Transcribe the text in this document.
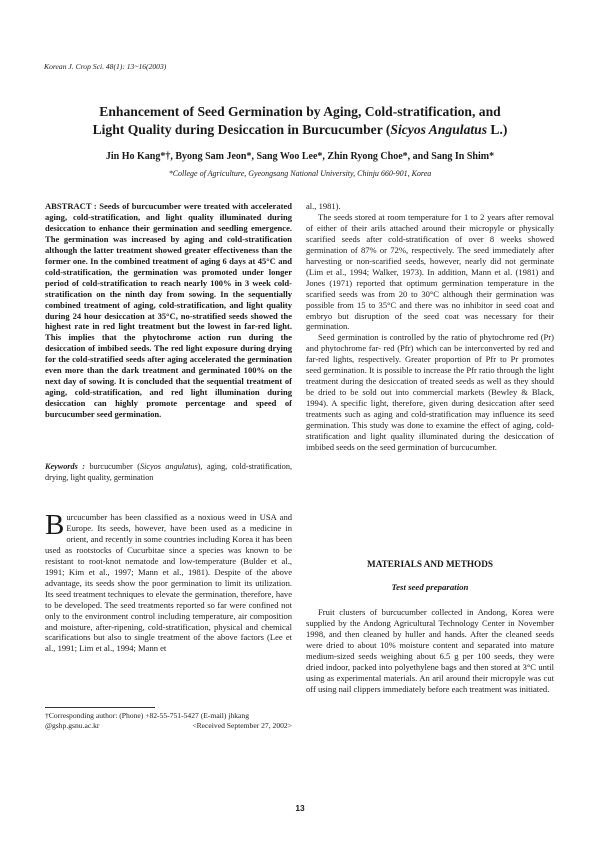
Korean J. Crop Sci. 48(1): 13~16(2003)
Enhancement of Seed Germination by Aging, Cold-stratification, and
Light Quality during Desiccation in Burcucumber (Sicyos Angulatus L.)
Jin Ho Kang*†, Byong Sam Jeon*, Sang Woo Lee*, Zhin Ryong Choe*, and Sang In Shim*
*College of Agriculture, Gyeongsang National University, Chinju 660-901, Korea
ABSTRACT : Seeds of burcucumber were treated with accelerated aging, cold-stratification, and light quality illuminated during desiccation to enhance their germination and seedling emergence. The germination was increased by aging and cold-stratification although the latter treatment showed greater effectiveness than the former one. In the combined treatment of aging 6 days at 45°C and cold-stratification, the germination was promoted under longer period of cold-stratification to reach nearly 100% in 3 week cold-stratification on the ninth day from sowing. In the sequentially combined treatment of aging, cold-stratification, and light quality during 24 hour desiccation at 35°C, no-stratified seeds showed the highest rate in red light treatment but the lowest in far-red light. This implies that the phytochrome action run during the desiccation of imbibed seeds. The red light exposure during drying for the cold-stratified seeds after aging accelerated the germination even more than the dark treatment and germinated 100% on the next day of sowing. It is concluded that the sequential treatment of aging, cold-stratification, and red light illumination during desiccation can highly promote percentage and speed of burcucumber seed germination.
Keywords : burcucumber (Sicyos angulatus), aging, cold-stratification, drying, light quality, germination
Burcucumber has been classified as a noxious weed in USA and Europe. Its seeds, however, have been used as a medicine in orient, and recently in some countries including Korea it has been used as rootstocks of Cucurbitae since a species was known to be resistant to root-knot nematode and low-temperature (Bulder et al., 1991; Kim et al., 1997; Mann et al., 1981). Despite of the above advantage, its seeds show the poor germination to limit its utilization. Its seed treatment techniques to elevate the germination, therefore, have to be developed. The seed treatments reported so far were confined not only to the environment control including temperature, air composition and moisture, after-ripening, cold-stratification, physical and chemical scarifications but also to single treatment of the above factors (Lee et al., 1991; Lim et al., 1994; Mann et
†Corresponding author: (Phone) +82-55-751-5427 (E-mail) jhkang
@gshp.gsnu.ac.kr	<Received September 27, 2002>

al., 1981).

The seeds stored at room temperature for 1 to 2 years after removal of either of their arils attached around their micropyle or physically scarified seeds after cold-stratification of over 8 weeks showed germination of 87% or 72%, respectively. The seed immediately after harvesting or non-scarified seeds, however, nearly did not germinate (Lim et al., 1994; Walker, 1973). In addition, Mann et al. (1981) and Jones (1971) reported that optimum germination temperature in the scarified seeds was from 20 to 30°C although their germination was possible from 15 to 35°C and there was no inhibitor in seed coat and embryo but disruption of the seed coat was necessary for their germination.

Seed germination is controlled by the ratio of phytochrome red (Pr) and phytochrome far- red (Pfr) which can be interconverted by red and far-red lights, respectively. Greater proportion of Pfr to Pr promotes seed germination. It is possible to increase the Pfr ratio through the light treatment during the desiccation of treated seeds as well as they should be dried to be sold out into commercial markets (Bewley & Black, 1994). A specific light, therefore, given during desiccation after seed treatments such as aging and cold-stratification may influence its seed germination. This study was done to examine the effect of aging, cold-stratification and light quality illuminated during the desiccation of imbibed seeds on the seed germination of burcucumber.

MATERIALS AND METHODS
Test seed preparation

Fruit clusters of burcucumber collected in Andong, Korea were supplied by the Andong Agricultural Technology Center in November 1998, and then cleaned by huller and hands. After the cleaned seeds were dried to about 10% moisture content and separated into mature medium-sized seeds weighing about 6.5 g per 100 seeds, they were dried indoor, packed into polyethylene bags and then stored at 3°C until using as experimental materials. An aril around their micropyle was cut off using nail clippers immediately before each treatment was initiated.

13
